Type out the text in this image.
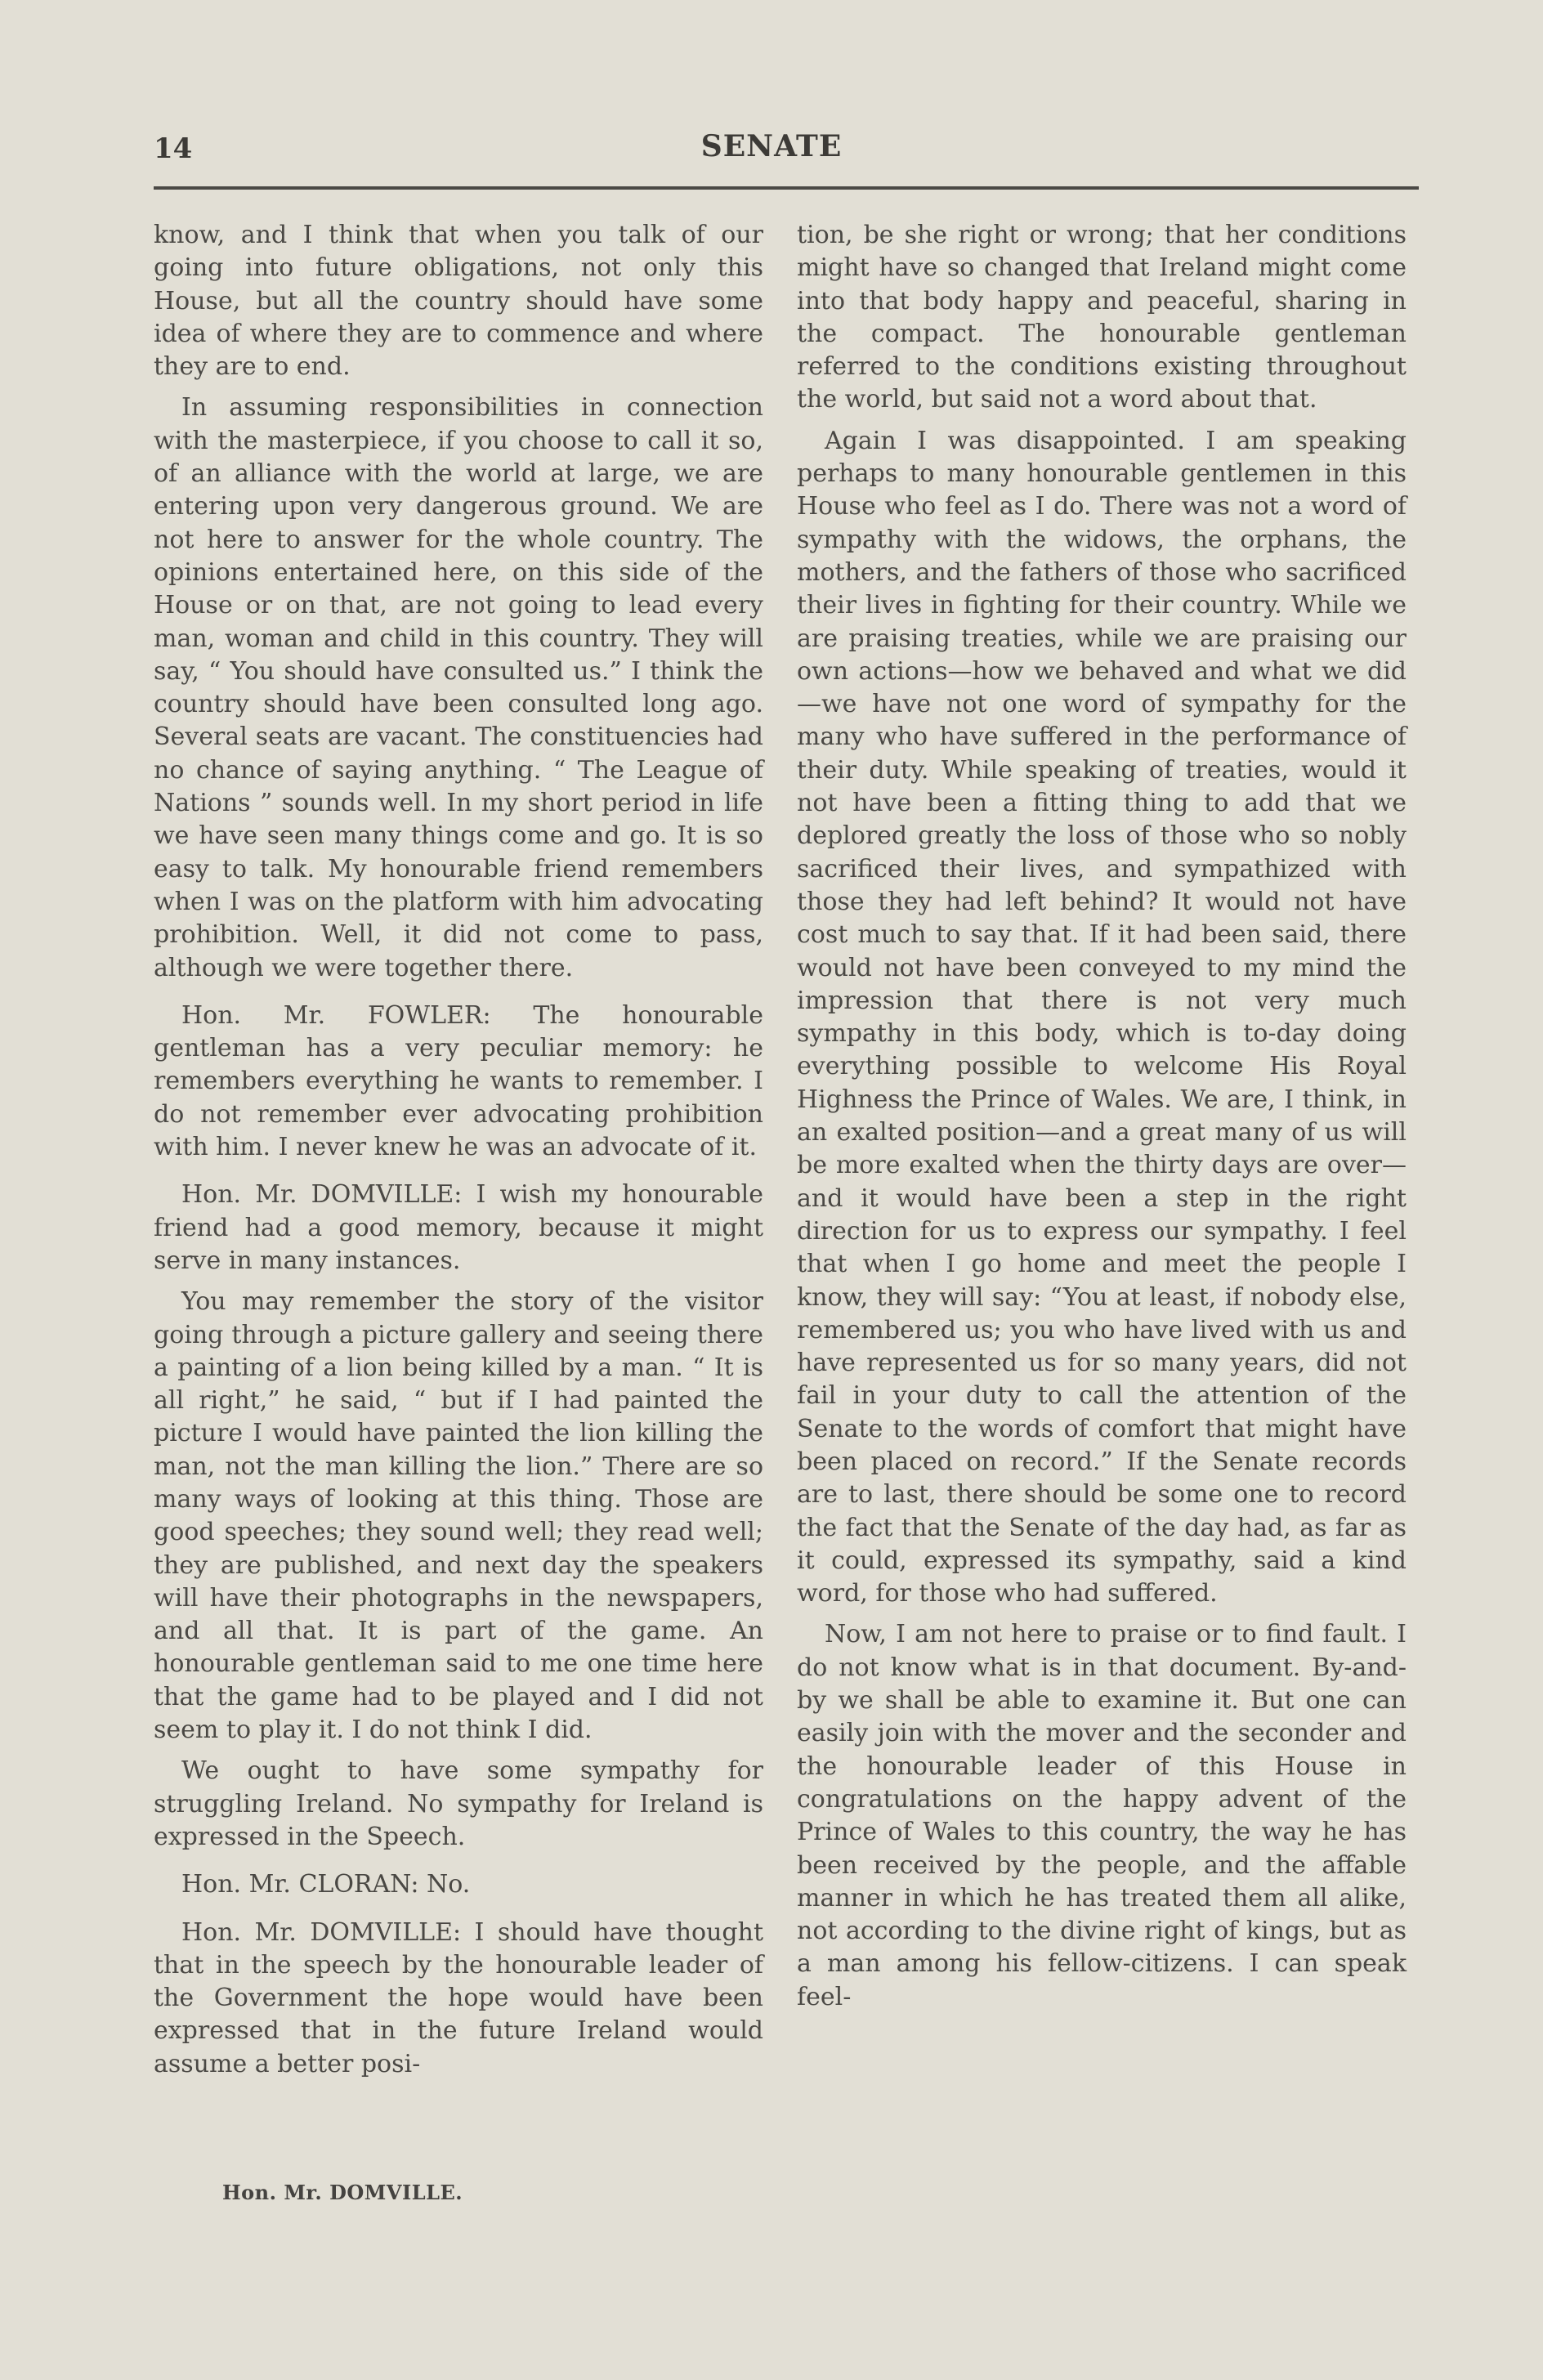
14	SENATE

know, and I think that when you talk of our going into future obligations, not only this House, but all the country should have some idea of where they are to commence and where they are to end.

In assuming responsibilities in connection with the masterpiece, if you choose to call it so, of an alliance with the world at large, we are entering upon very dangerous ground. We are not here to answer for the whole country. The opinions entertained here, on this side of the House or on that, are not going to lead every man, woman and child in this country. They will say, “ You should have consulted us.” I think the country should have been consulted long ago. Several seats are vacant. The constituencies had no chance of saying anything. “ The League of Nations ” sounds well. In my short period in life we have seen many things come and go. It is so easy to talk. My honourable friend remembers when I was on the platform with him advocating prohibition. Well, it did not come to pass, although we were together there.

Hon. Mr. FOWLER: The honourable gentleman has a very peculiar memory: he remembers everything he wants to remember. I do not remember ever advocating prohibition with him. I never knew he was an advocate of it.

Hon. Mr. DOMVILLE: I wish my honourable friend had a good memory, because it might serve in many instances.

You may remember the story of the visitor going through a picture gallery and seeing there a painting of a lion being killed by a man. “ It is all right,” he said, “ but if I had painted the picture I would have painted the lion killing the man, not the man killing the lion.” There are so many ways of looking at this thing. Those are good speeches; they sound well; they read well; they are published, and next day the speakers will have their photographs in the newspapers, and all that. It is part of the game. An honourable gentleman said to me one time here that the game had to be played and I did not seem to play it. I do not think I did.

We ought to have some sympathy for struggling Ireland. No sympathy for Ireland is expressed in the Speech.

Hon. Mr. CLORAN: No.

Hon. Mr. DOMVILLE: I should have thought that in the speech by the honourable leader of the Government the hope would have been expressed that in the future Ireland would assume a better posi-

tion, be she right or wrong; that her conditions might have so changed that Ireland might come into that body happy and peaceful, sharing in the compact. The honourable gentleman referred to the conditions existing throughout the world, but said not a word about that.

Again I was disappointed. I am speaking perhaps to many honourable gentlemen in this House who feel as I do. There was not a word of sympathy with the widows, the orphans, the mothers, and the fathers of those who sacrificed their lives in fighting for their country. While we are praising treaties, while we are praising our own actions—how we behaved and what we did —we have not one word of sympathy for the many who have suffered in the performance of their duty. While speaking of treaties, would it not have been a fitting thing to add that we deplored greatly the loss of those who so nobly sacrificed their lives, and sympathized with those they had left behind? It would not have cost much to say that. If it had been said, there would not have been conveyed to my mind the impression that there is not very much sympathy in this body, which is to-day doing everything possible to welcome His Royal Highness the Prince of Wales. We are, I think, in an exalted position—and a great many of us will be more exalted when the thirty days are over—and it would have been a step in the right direction for us to express our sympathy. I feel that when I go home and meet the people I know, they will say: “You at least, if nobody else, remembered us; you who have lived with us and have represented us for so many years, did not fail in your duty to call the attention of the Senate to the words of comfort that might have been placed on record.” If the Senate records are to last, there should be some one to record the fact that the Senate of the day had, as far as it could, expressed its sympathy, said a kind word, for those who had suffered.

Now, I am not here to praise or to find fault. I do not know what is in that document. By-and-by we shall be able to examine it. But one can easily join with the mover and the seconder and the honourable leader of this House in congratulations on the happy advent of the Prince of Wales to this country, the way he has been received by the people, and the affable manner in which he has treated them all alike, not according to the divine right of kings, but as a man among his fellow-citizens. I can speak feel-

Hon. Mr. DOMVILLE.
